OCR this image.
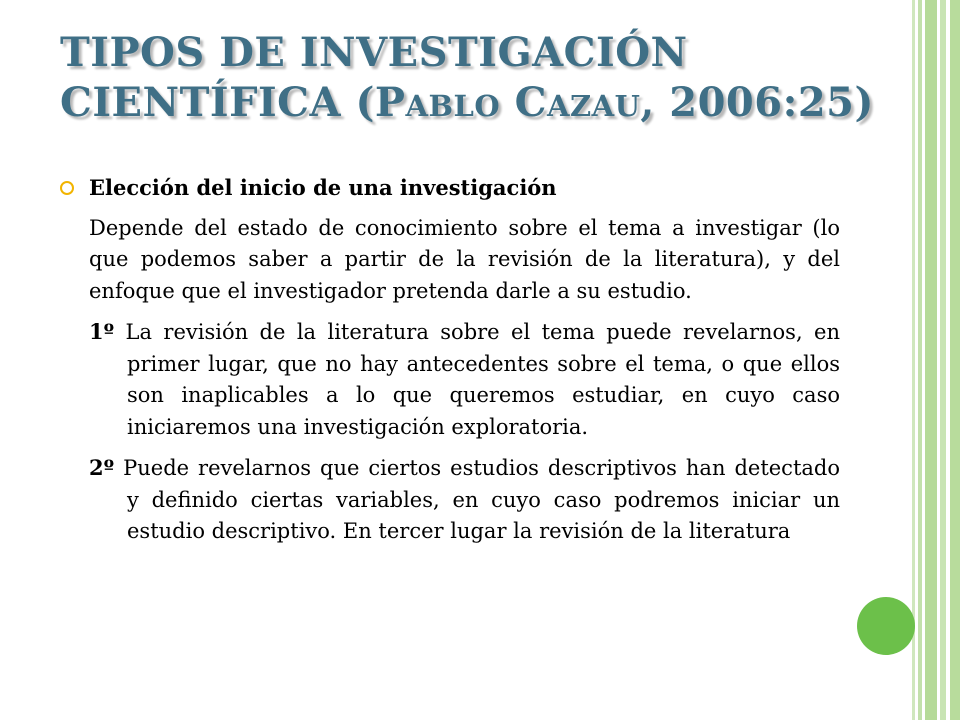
TIPOS DE INVESTIGACIÓN
CIENTÍFICA (PABLO CAZAU, 2006:25)
Elección del inicio de una investigación
Depende del estado de conocimiento sobre el tema a investigar (lo que podemos saber a partir de la revisión de la literatura), y del enfoque que el investigador pretenda darle a su estudio.
1º La revisión de la literatura sobre el tema puede revelarnos, en primer lugar, que no hay antecedentes sobre el tema, o que ellos son inaplicables a lo que queremos estudiar, en cuyo caso iniciaremos una investigación exploratoria.
2º Puede revelarnos que ciertos estudios descriptivos han detectado y definido ciertas variables, en cuyo caso podremos iniciar un estudio descriptivo. En tercer lugar la revisión de la literatura
